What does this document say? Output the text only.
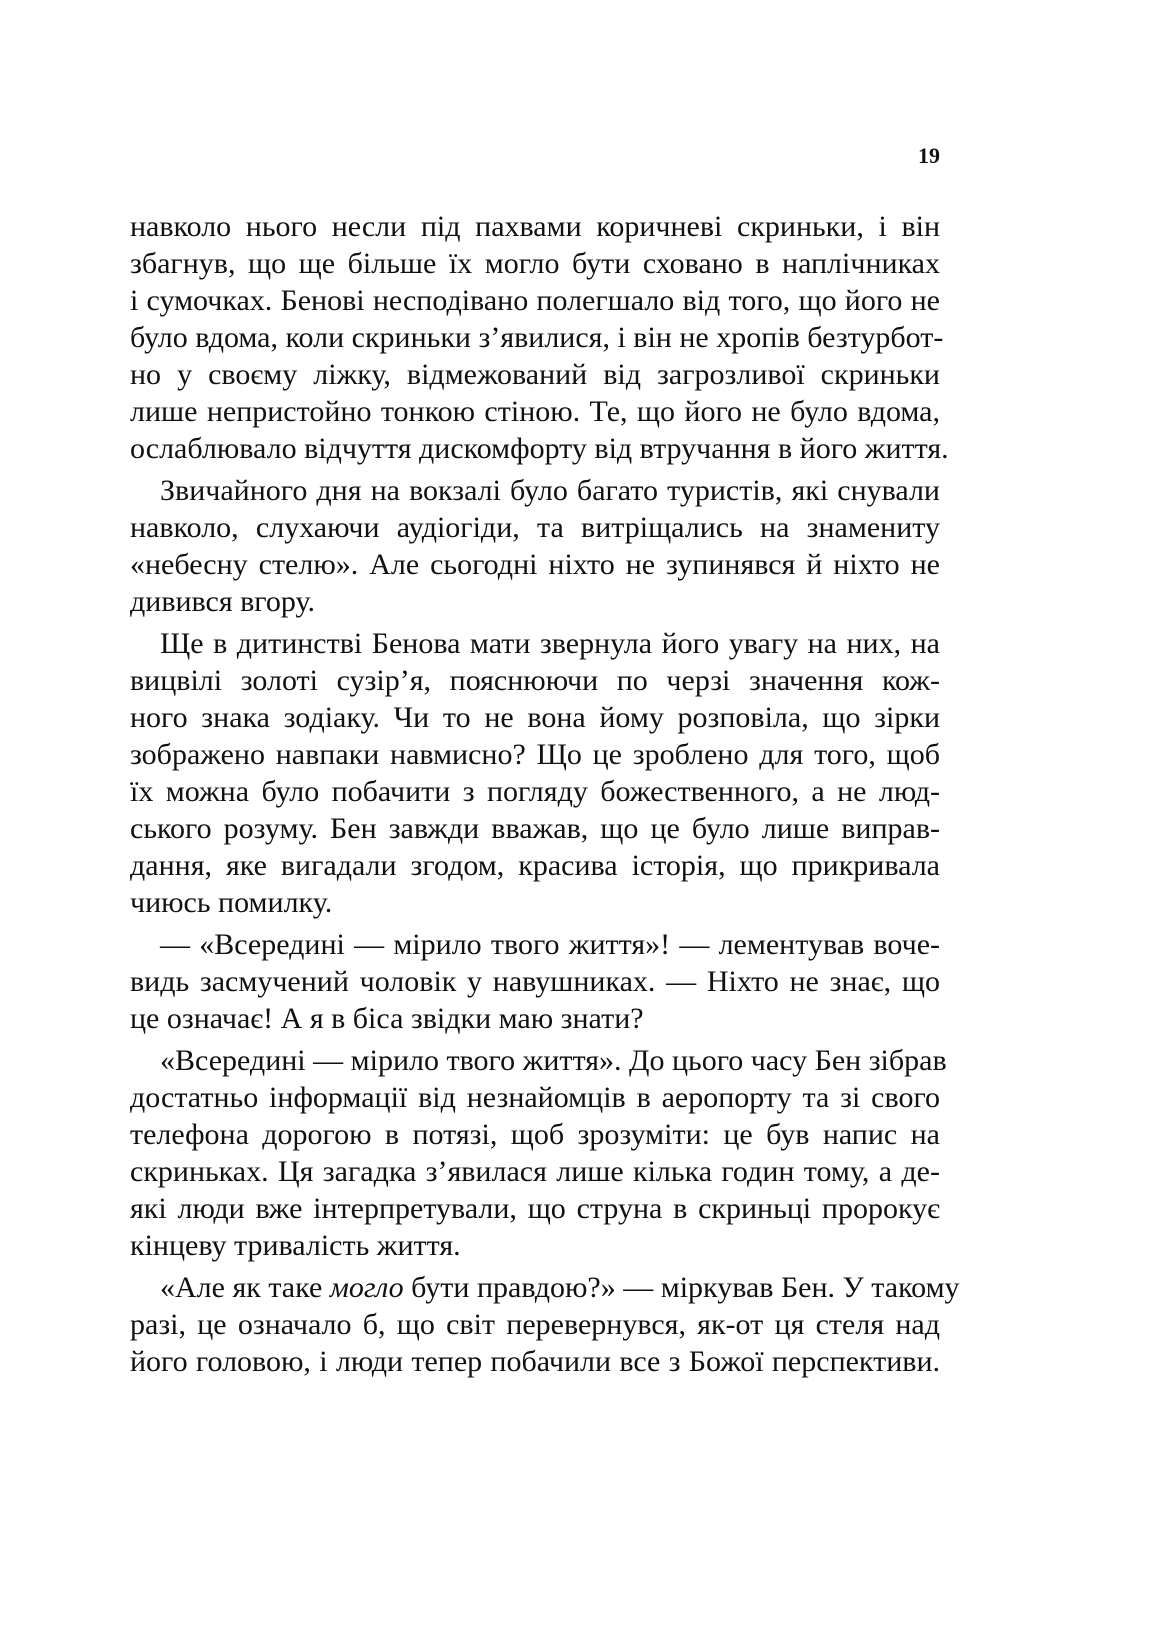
19

навколо нього несли під пахвами коричневі скриньки, і він
збагнув, що ще більше їх могло бути сховано в наплічниках
і сумочках. Бенові несподівано полегшало від того, що його не
було вдома, коли скриньки з’явилися, і він не хропів безтурбот-
но у своєму ліжку, відмежований від загрозливої скриньки
лише непристойно тонкою стіною. Те, що його не було вдома,
ослаблювало відчуття дискомфорту від втручання в його життя.

Звичайного дня на вокзалі було багато туристів, які снували
навколо, слухаючи аудіогіди, та витріщались на знамениту
«небесну стелю». Але сьогодні ніхто не зупинявся й ніхто не
дивився вгору.

Ще в дитинстві Бенова мати звернула його увагу на них, на
вицвілі золоті сузір’я, пояснюючи по черзі значення кож-
ного знака зодіаку. Чи то не вона йому розповіла, що зірки
зображено навпаки навмисно? Що це зроблено для того, щоб
їх можна було побачити з погляду божественного, а не люд-
ського розуму. Бен завжди вважав, що це було лише виправ-
дання, яке вигадали згодом, красива історія, що прикривала
чиюсь помилку.

— «Всередині — мірило твого життя»! — лементував воче-
видь засмучений чоловік у навушниках. — Ніхто не знає, що
це означає! А я в біса звідки маю знати?

«Всередині — мірило твого життя». До цього часу Бен зібрав
достатньо інформації від незнайомців в аеропорту та зі свого
телефона дорогою в потязі, щоб зрозуміти: це був напис на
скриньках. Ця загадка з’явилася лише кілька годин тому, а де-
які люди вже інтерпретували, що струна в скриньці пророкує
кінцеву тривалість життя.

«Але як таке могло бути правдою?» — міркував Бен. У такому
разі, це означало б, що світ перевернувся, як-от ця стеля над
його головою, і люди тепер побачили все з Божої перспективи.
